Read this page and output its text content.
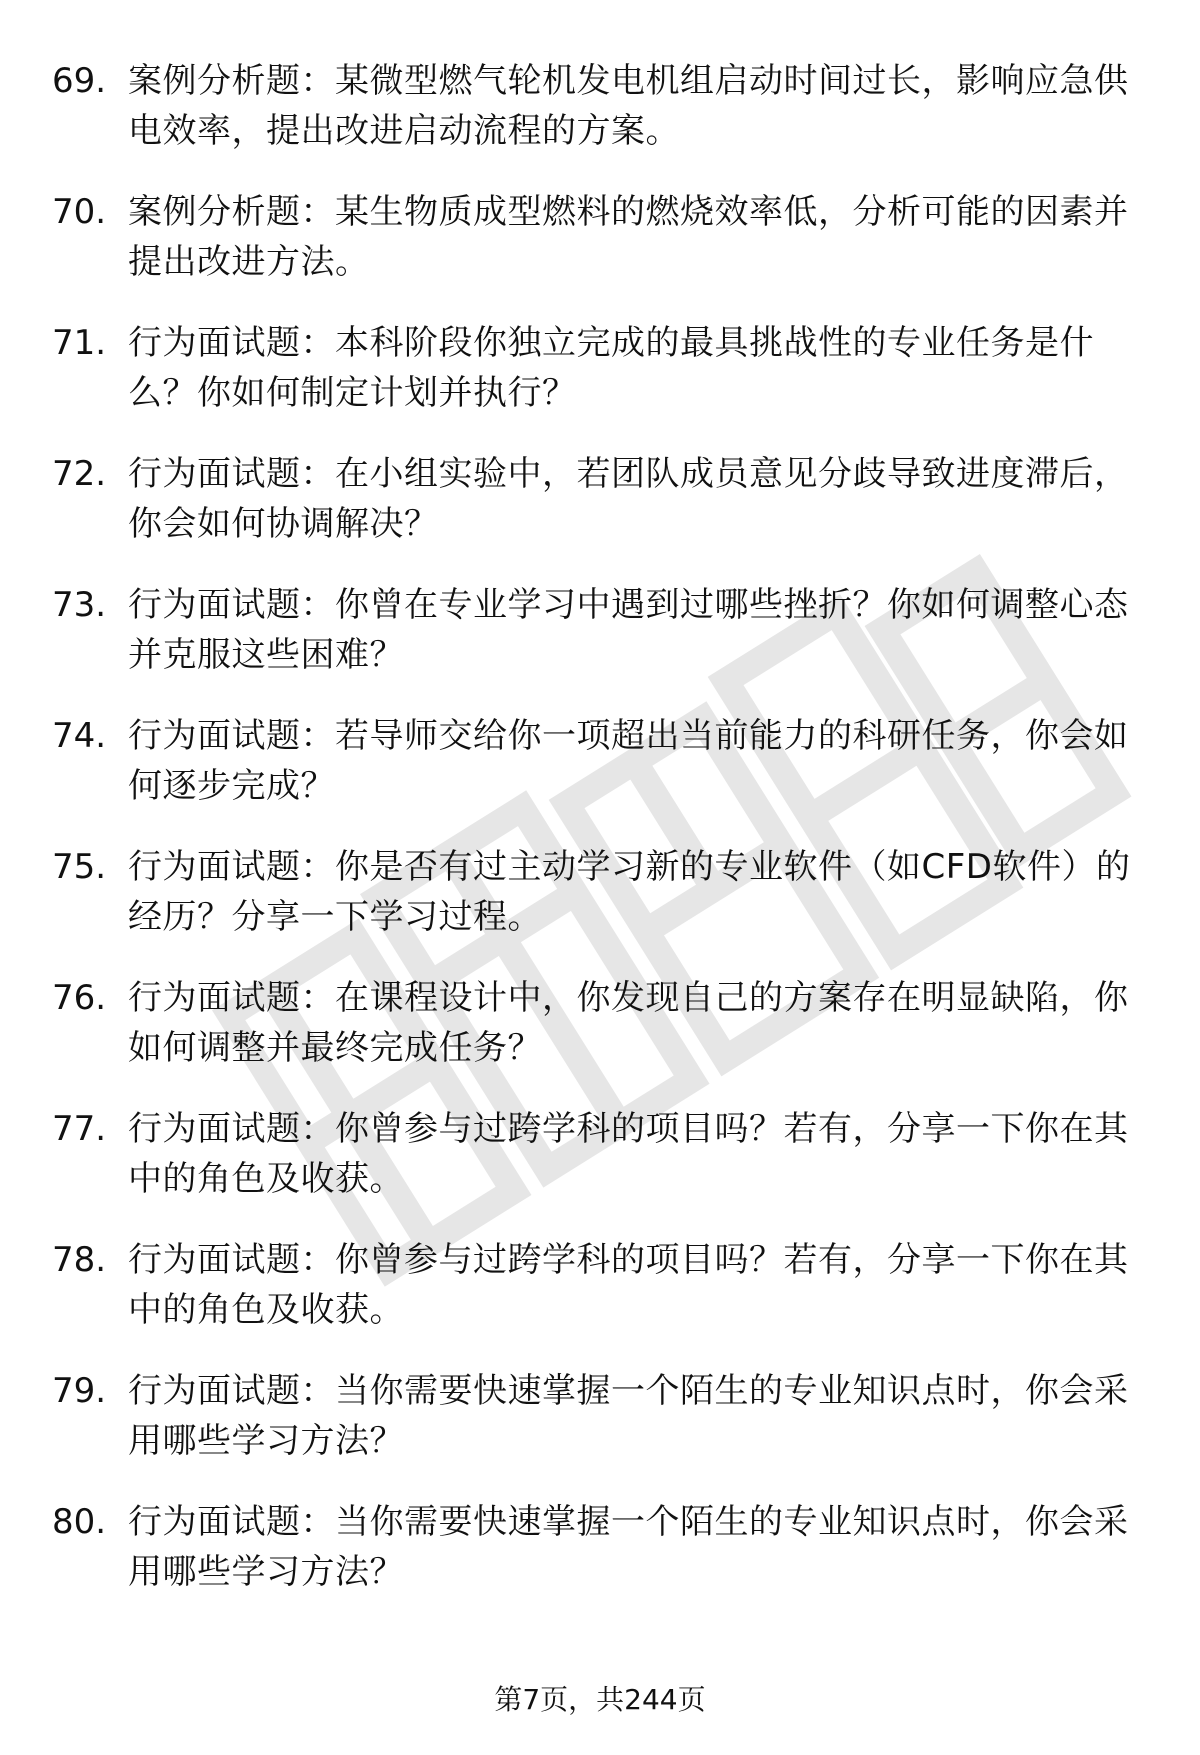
69. 案例分析题：某微型燃气轮机发电机组启动时间过长，影响应急供电效率，提出改进启动流程的方案。
70. 案例分析题：某生物质成型燃料的燃烧效率低，分析可能的因素并提出改进方法。
71. 行为面试题：本科阶段你独立完成的最具挑战性的专业任务是什么？你如何制定计划并执行？
72. 行为面试题：在小组实验中，若团队成员意见分歧导致进度滞后，你会如何协调解决？
73. 行为面试题：你曾在专业学习中遇到过哪些挫折？你如何调整心态并克服这些困难？
74. 行为面试题：若导师交给你一项超出当前能力的科研任务，你会如何逐步完成？
75. 行为面试题：你是否有过主动学习新的专业软件（如CFD软件）的经历？分享一下学习过程。
76. 行为面试题：在课程设计中，你发现自己的方案存在明显缺陷，你如何调整并最终完成任务？
77. 行为面试题：你曾参与过跨学科的项目吗？若有，分享一下你在其中的角色及收获。
78. 行为面试题：你曾参与过跨学科的项目吗？若有，分享一下你在其中的角色及收获。
79. 行为面试题：当你需要快速掌握一个陌生的专业知识点时，你会采用哪些学习方法？
80. 行为面试题：当你需要快速掌握一个陌生的专业知识点时，你会采用哪些学习方法？
第7页，共244页
